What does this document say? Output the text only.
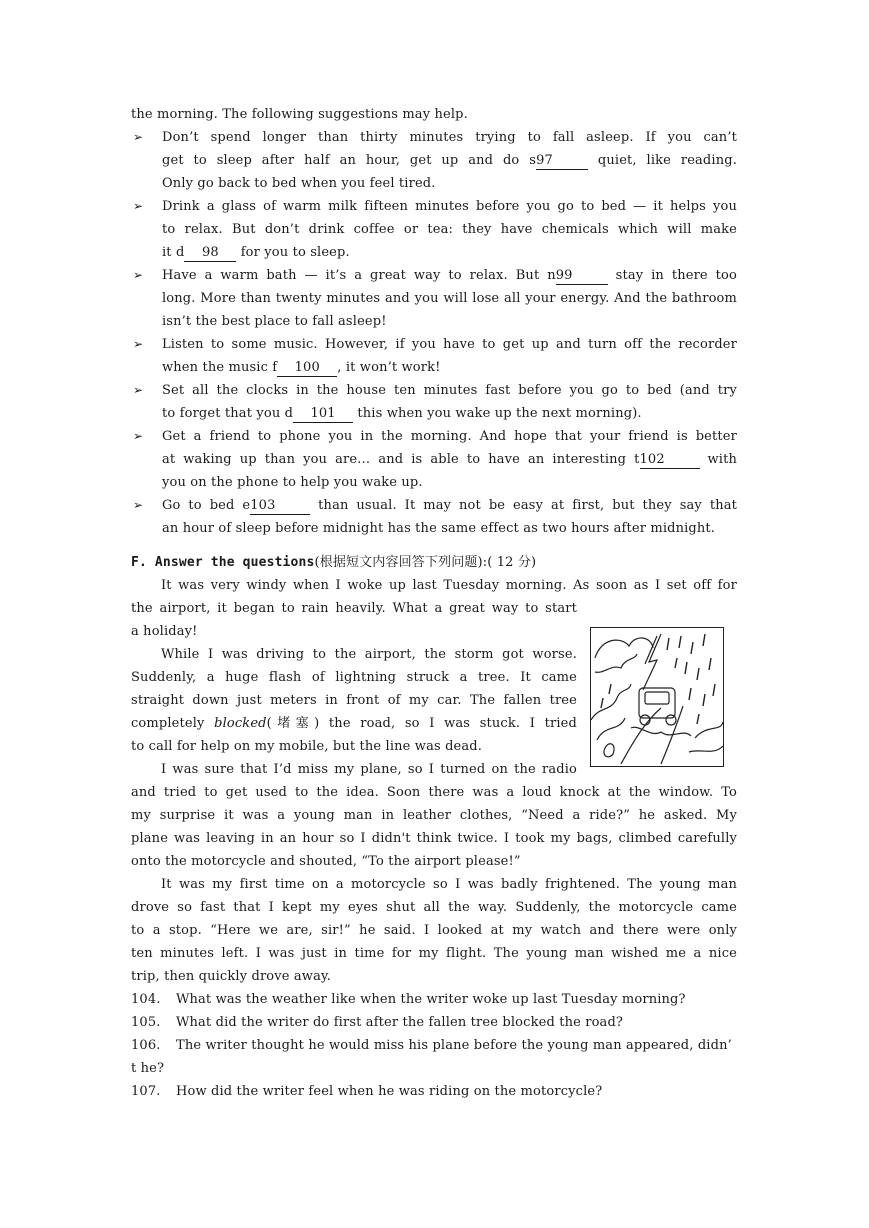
the morning. The following suggestions may help.
➢ Don’t spend longer than thirty minutes trying to fall asleep. If you can’t
get to sleep after half an hour, get up and do s97	quiet, like reading.
Only go back to bed when you feel tired.
➢ Drink a glass of warm milk fifteen minutes before you go to bed — it helps you
to relax. But don’t drink coffee or tea: they have chemicals which will make
it d 98 for you to sleep.
➢ Have a warm bath — it’s a great way to relax. But n99	stay in there too
long. More than twenty minutes and you will lose all your energy. And the bathroom
isn’t the best place to fall asleep!
➢ Listen to some music. However, if you have to get up and turn off the recorder
when the music f 100 , it won’t work!
➢ Set all the clocks in the house ten minutes fast before you go to bed (and try
to forget that you d 101 this when you wake up the next morning).
➢ Get a friend to phone you in the morning. And hope that your friend is better
at waking up than you are… and is able to have an interesting t102	with
you on the phone to help you wake up.
➢ Go to bed e103	than usual. It may not be easy at first, but they say that
an hour of sleep before midnight has the same effect as two hours after midnight.
F. Answer the questions(根据短文内容回答下列问题):( 12 分)
It was very windy when I woke up last Tuesday morning. As soon as I set off for
the airport, it began to rain heavily. What a great way to start
a holiday!
While I was driving to the airport, the storm got worse.
Suddenly, a huge flash of lightning struck a tree. It came
straight down just meters in front of my car. The fallen tree
completely blocked(堵塞) the road, so I was stuck. I tried
to call for help on my mobile, but the line was dead.
I was sure that I’d miss my plane, so I turned on the radio
and tried to get used to the idea. Soon there was a loud knock at the window. To
my surprise it was a young man in leather clothes, “Need a ride?” he asked. My
plane was leaving in an hour so I didn't think twice. I took my bags, climbed carefully
onto the motorcycle and shouted, “To the airport please!”
It was my first time on a motorcycle so I was badly frightened. The young man
drove so fast that I kept my eyes shut all the way. Suddenly, the motorcycle came
to a stop. “Here we are, sir!” he said. I looked at my watch and there were only
ten minutes left. I was just in time for my flight. The young man wished me a nice
trip, then quickly drove away.
104. What was the weather like when the writer woke up last Tuesday morning?
105. What did the writer do first after the fallen tree blocked the road?
106. The writer thought he would miss his plane before the young man appeared, didn’
t he?
107. How did the writer feel when he was riding on the motorcycle?
